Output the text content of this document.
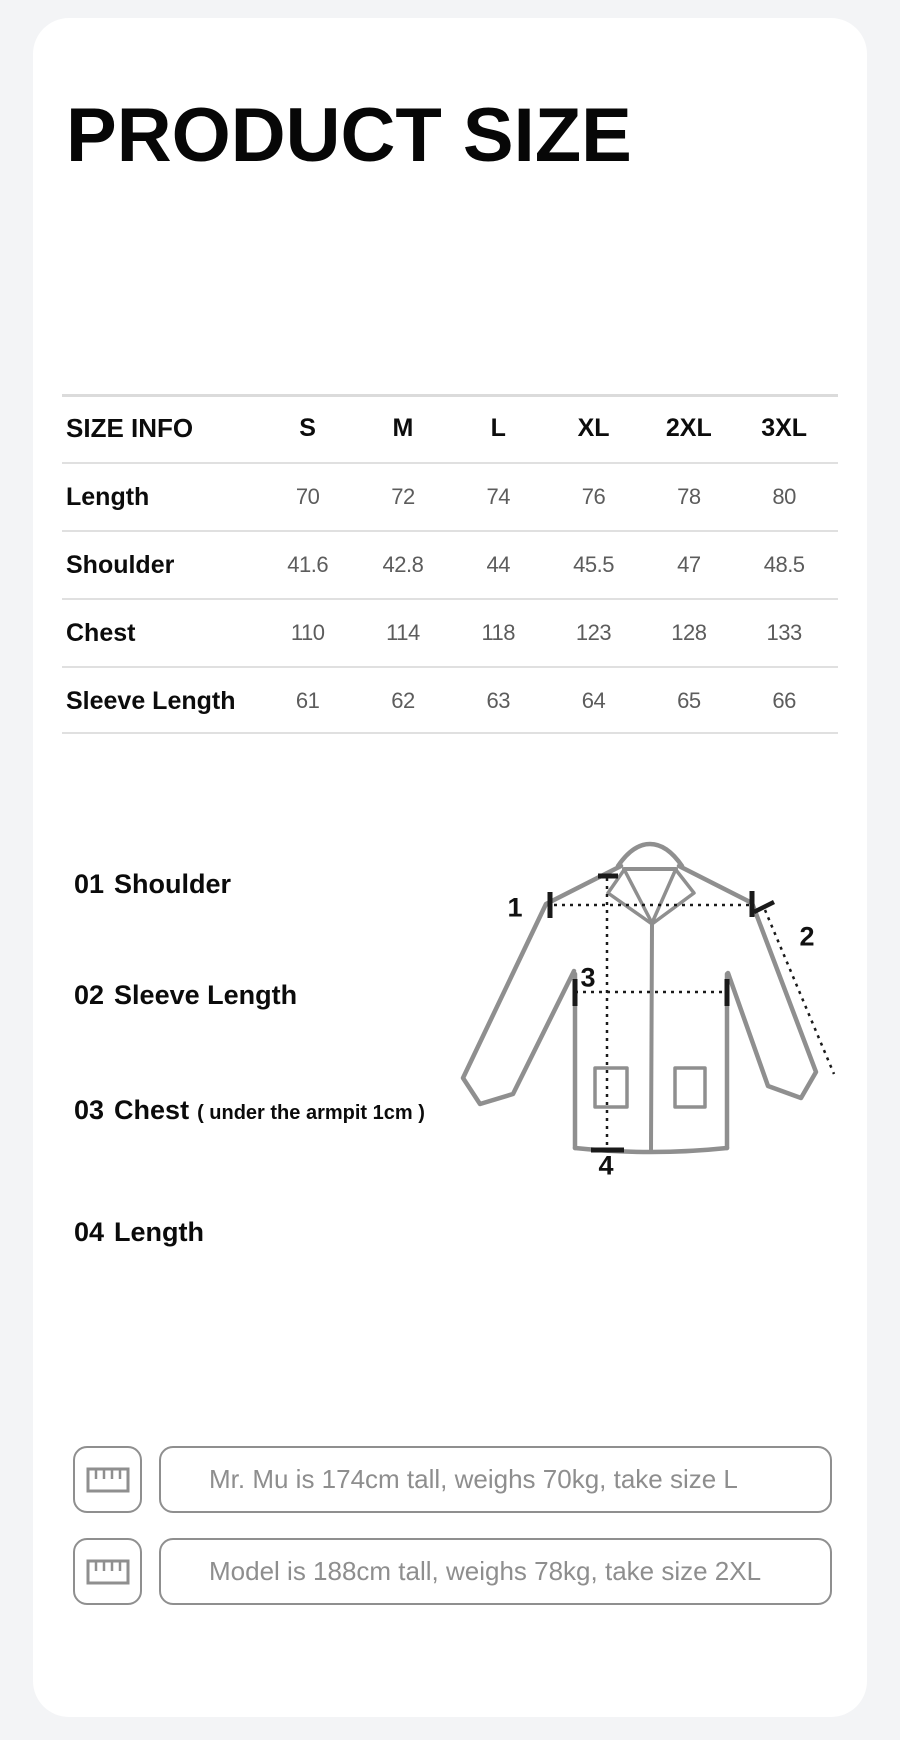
PRODUCT SIZE
SIZE INFO	S	M	L	XL	2XL	3XL
Length	70	72	74	76	78	80
Shoulder	41.6	42.8	44	45.5	47	48.5
Chest	110	114	118	123	128	133
Sleeve Length	61	62	63	64	65	66
01 Shoulder
02 Sleeve Length
03 Chest ( under the armpit 1cm )
04 Length
1
2
3
4
Mr. Mu is 174cm tall, weighs 70kg, take size L
Model is 188cm tall, weighs 78kg, take size 2XL
